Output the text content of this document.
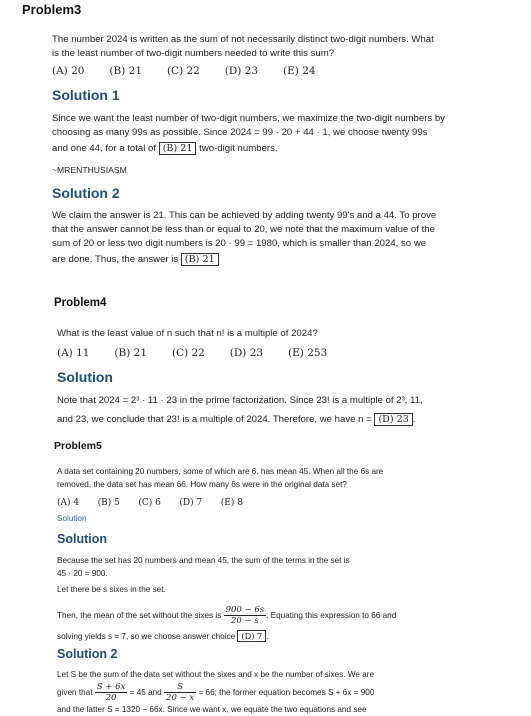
Problem3
The number 2024 is written as the sum of not necessarily distinct two-digit numbers. What
is the least number of two-digit numbers needed to write this sum?
(A) 20 (B) 21 (C) 22 (D) 23 (E) 24
Solution 1
Since we want the least number of two-digit numbers, we maximize the two-digit numbers by
choosing as many 99s as possible. Since 2024 = 99 · 20 + 44 · 1, we choose twenty 99s
and one 44, for a total of (B) 21 two-digit numbers.
~MRENTHUSIASM
Solution 2
We claim the answer is 21. This can be achieved by adding twenty 99's and a 44. To prove
that the answer cannot be less than or equal to 20, we note that the maximum value of the
sum of 20 or less two digit numbers is 20 · 99 = 1980, which is smaller than 2024, so we
are done. Thus, the answer is (B) 21
Problem4
What is the least value of n such that n! is a multiple of 2024?
(A) 11 (B) 21 (C) 22 (D) 23 (E) 253
Solution
Note that 2024 = 2³ · 11 · 23 in the prime factorization. Since 23! is a multiple of 2³, 11,
and 23, we conclude that 23! is a multiple of 2024. Therefore, we have n = (D) 23 .
Problem5
A data set containing 20 numbers, some of which are 6, has mean 45. When all the 6s are
removed, the data set has mean 66. How many 6s were in the original data set?
(A) 4 (B) 5 (C) 6 (D) 7 (E) 8
Solution
Solution
Because the set has 20 numbers and mean 45, the sum of the terms in the set is
45 · 20 = 900.
Let there be s sixes in the set.
Then, the mean of the set without the sixes is $\frac{900 - 6s}{20 - s}$ . Equating this expression to 66 and
solving yields s = 7, so we choose answer choice (D) 7 .
Solution 2
Let S be the sum of the data set without the sixes and x be the number of sixes. We are
given that $\frac{S + 6x}{20} = 45$ and $\frac{S}{20 - x} = 66$; the former equation becomes S + 6x = 900
and the latter S = 1320 − 66x. Since we want x, we equate the two equations and see
